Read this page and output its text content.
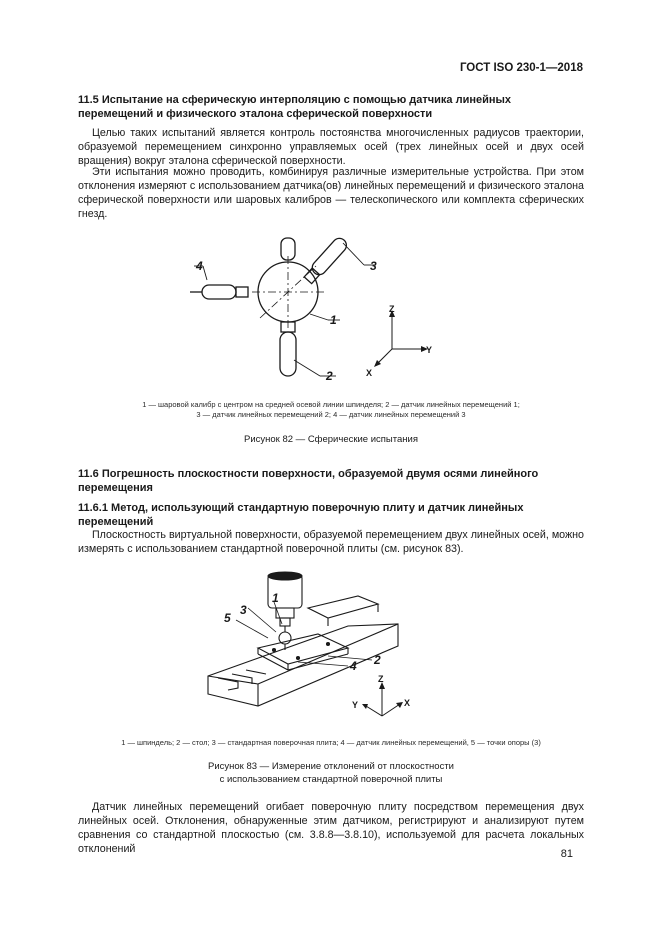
ГОСТ ISO 230-1—2018
11.5 Испытание на сферическую интерполяцию с помощью датчика линейных перемещений и физического эталона сферической поверхности
Целью таких испытаний является контроль постоянства многочисленных радиусов траектории, образуемой перемещением синхронно управляемых осей (трех линейных осей и двух осей вращения) вокруг эталона сферической поверхности.
Эти испытания можно проводить, комбинируя различные измерительные устройства. При этом отклонения измеряют с использованием датчика(ов) линейных перемещений и физического эталона сферической поверхности или шаровых калибров — телескопического или комплекта сферических гнезд.
3
4
1
2
Z
Y
X
1 — шаровой калибр с центром на средней осевой линии шпинделя; 2 — датчик линейных перемещений 1;
3 — датчик линейных перемещений 2; 4 — датчик линейных перемещений 3
Рисунок 82 — Сферические испытания
11.6 Погрешность плоскостности поверхности, образуемой двумя осями линейного перемещения
11.6.1 Метод, использующий стандартную поверочную плиту и датчик линейных перемещений
Плоскостность виртуальной поверхности, образуемой перемещением двух линейных осей, можно измерять с использованием стандартной поверочной плиты (см. рисунок 83).
1
3
5
2
4
Z
Y	X
1 — шпиндель; 2 — стол; 3 — стандартная поверочная плита; 4 — датчик линейных перемещений, 5 — точки опоры (3)
Рисунок 83 — Измерение отклонений от плоскостности
с использованием стандартной поверочной плиты
Датчик линейных перемещений огибает поверочную плиту посредством перемещения двух линейных осей. Отклонения, обнаруженные этим датчиком, регистрируют и анализируют путем сравнения со стандартной плоскостью (см. 3.8.8—3.8.10), используемой для расчета локальных отклонений	81
